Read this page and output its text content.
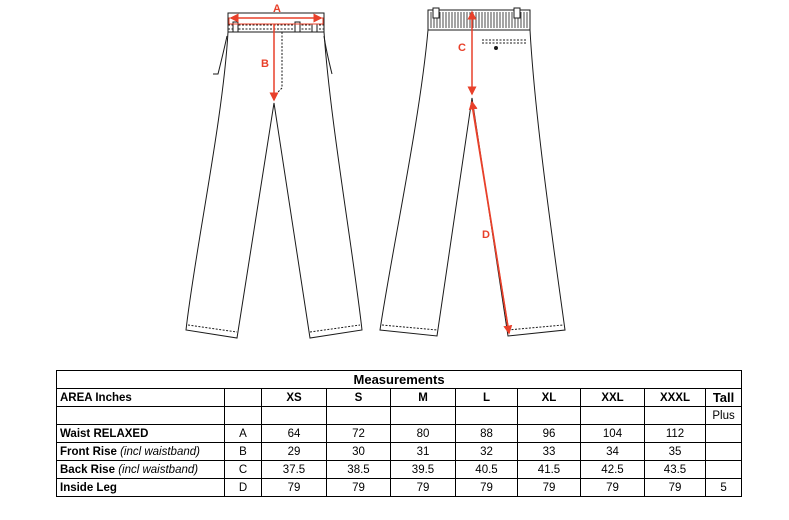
A
B
C
D
Measurements									
AREA Inches		XS	S	M	L	XL	XXL	XXXL	Tall
									Plus
Waist RELAXED	A	64	72	80	88	96	104	112	
Front Rise (incl waistband)	B	29	30	31	32	33	34	35	
Back Rise (incl waistband)	C	37.5	38.5	39.5	40.5	41.5	42.5	43.5	
Inside Leg	D	79	79	79	79	79	79	79	5
